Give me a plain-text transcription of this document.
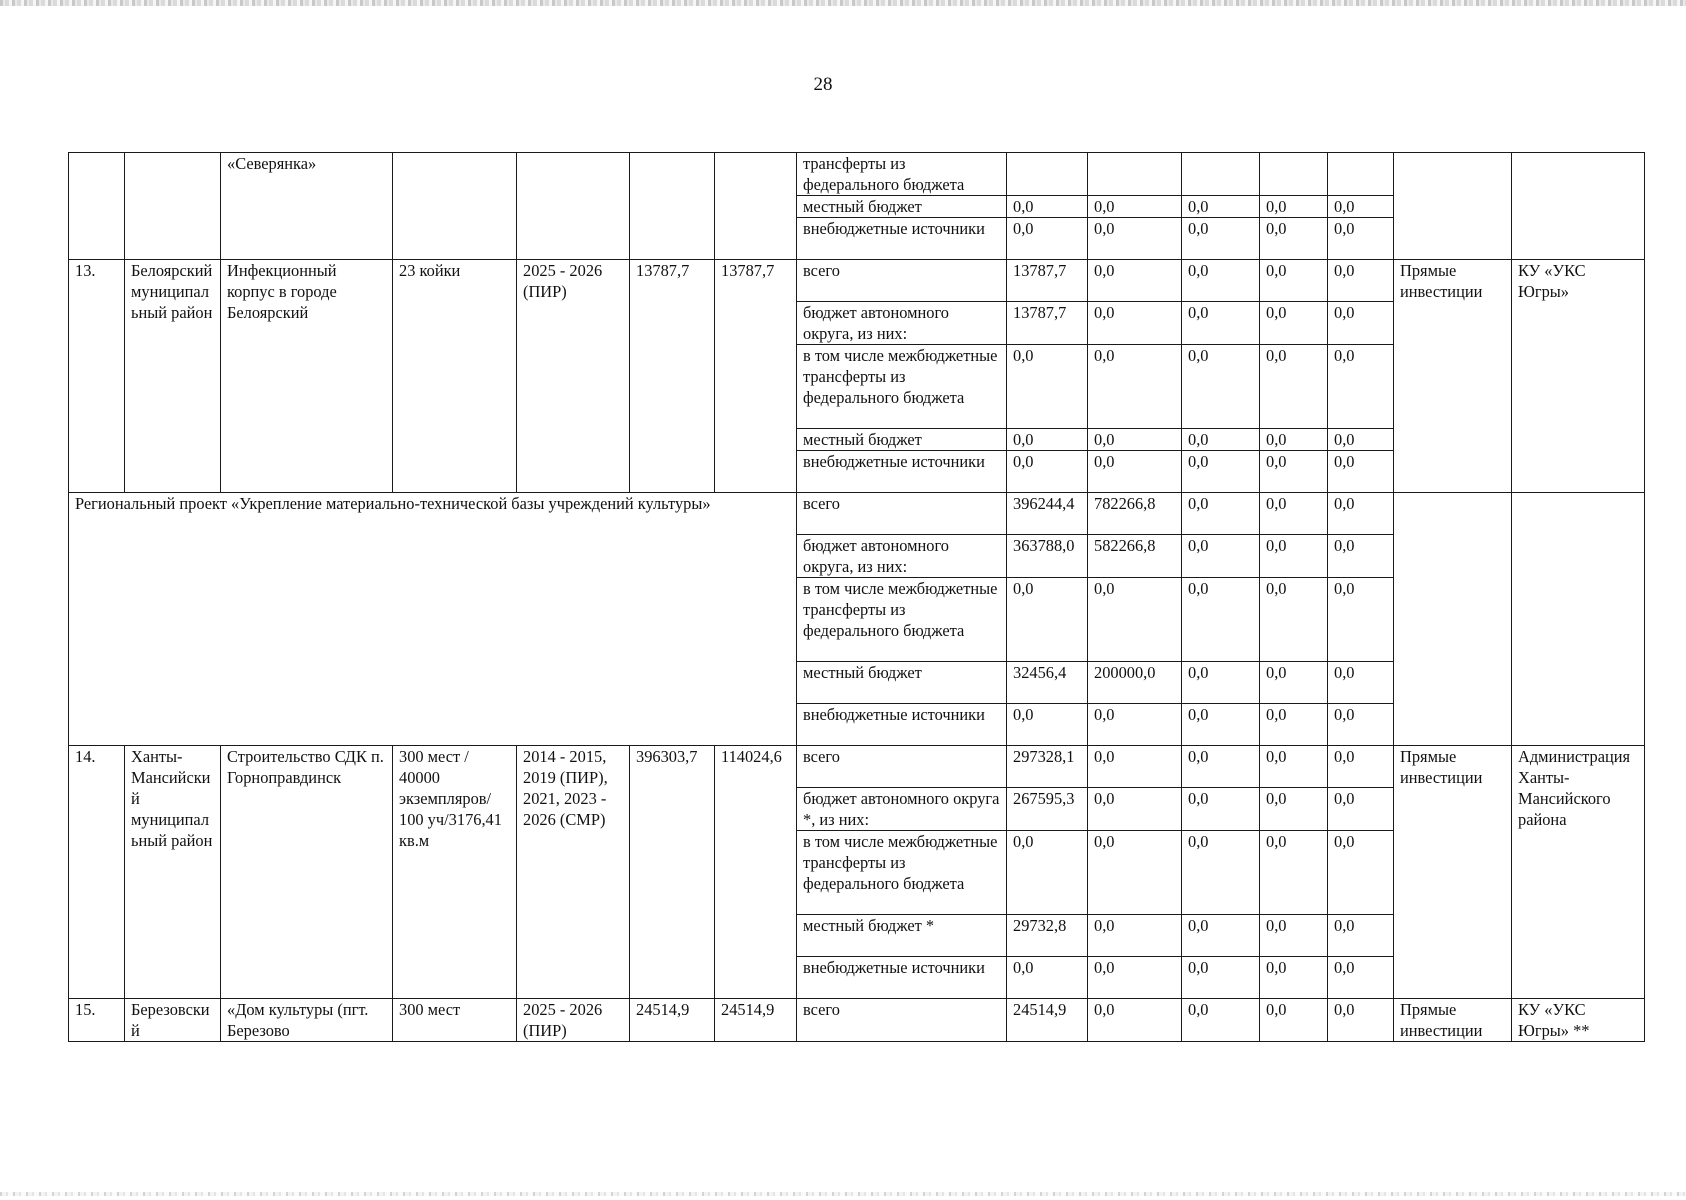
28
		«Северянка»					трансферты из федерального бюджета							
							местный бюджет	0,0	0,0	0,0	0,0	0,0		
							внебюджетные источники	0,0	0,0	0,0	0,0	0,0		
13.	Белоярский муниципальный район	Инфекционный корпус в городе Белоярский	23 койки	2025 - 2026 (ПИР)	13787,7	13787,7	всего	13787,7	0,0	0,0	0,0	0,0	Прямые инвестиции	КУ «УКС Югры»
							бюджет автономного округа, из них:	13787,7	0,0	0,0	0,0	0,0		
							в том числе межбюджетные трансферты из федерального бюджета	0,0	0,0	0,0	0,0	0,0		
							местный бюджет	0,0	0,0	0,0	0,0	0,0		
							внебюджетные источники	0,0	0,0	0,0	0,0	0,0		
Региональный проект «Укрепление материально-технической базы учреждений культуры»							всего	396244,4	782266,8	0,0	0,0	0,0		
							бюджет автономного округа, из них:	363788,0	582266,8	0,0	0,0	0,0		
							в том числе межбюджетные трансферты из федерального бюджета	0,0	0,0	0,0	0,0	0,0		
							местный бюджет	32456,4	200000,0	0,0	0,0	0,0		
							внебюджетные источники	0,0	0,0	0,0	0,0	0,0		
14.	Ханты-Мансийский муниципальный район	Строительство СДК п. Горноправдинск	300 мест / 40000 экземпляров/ 100 уч/3176,41 кв.м	2014 - 2015, 2019 (ПИР), 2021, 2023 - 2026 (СМР)	396303,7	114024,6	всего	297328,1	0,0	0,0	0,0	0,0	Прямые инвестиции	Администрация Ханты-Мансийского района
							бюджет автономного округа *, из них:	267595,3	0,0	0,0	0,0	0,0		
							в том числе межбюджетные трансферты из федерального бюджета	0,0	0,0	0,0	0,0	0,0		
							местный бюджет *	29732,8	0,0	0,0	0,0	0,0		
							внебюджетные источники	0,0	0,0	0,0	0,0	0,0		
15.	Березовский	«Дом культуры (пгт. Березово	300 мест	2025 - 2026 (ПИР)	24514,9	24514,9	всего	24514,9	0,0	0,0	0,0	0,0	Прямые инвестиции	КУ «УКС Югры» **
